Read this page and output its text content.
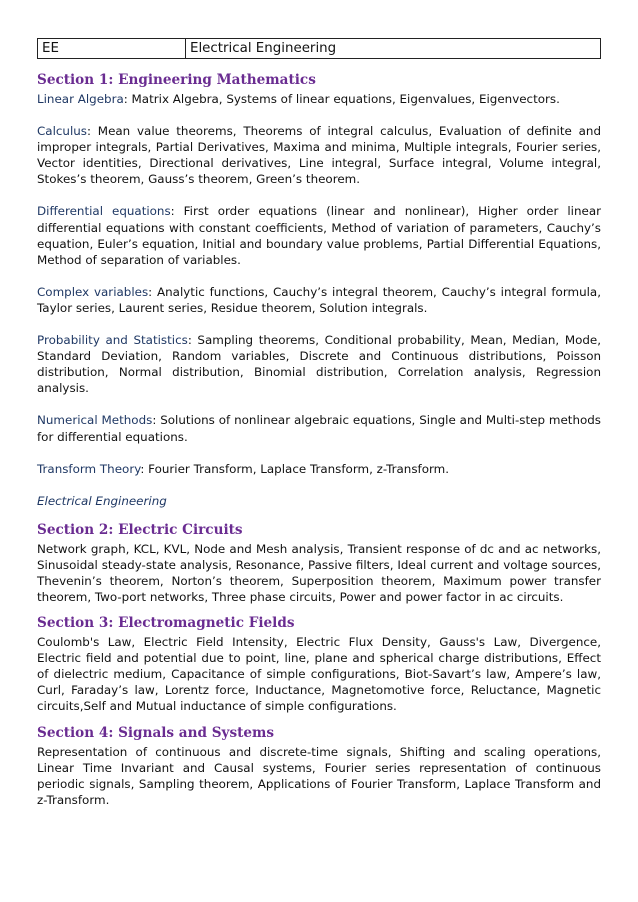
EE	Electrical Engineering
Section 1: Engineering Mathematics

Linear Algebra: Matrix Algebra, Systems of linear equations, Eigenvalues, Eigenvectors.

Calculus: Mean value theorems, Theorems of integral calculus, Evaluation of definite and improper integrals, Partial Derivatives, Maxima and minima, Multiple integrals, Fourier series, Vector identities, Directional derivatives, Line integral, Surface integral, Volume integral, Stokes’s theorem, Gauss’s theorem, Green’s theorem.

Differential equations: First order equations (linear and nonlinear), Higher order linear differential equations with constant coefficients, Method of variation of parameters, Cauchy’s equation, Euler’s equation, Initial and boundary value problems, Partial Differential Equations, Method of separation of variables.

Complex variables: Analytic functions, Cauchy’s integral theorem, Cauchy’s integral formula, Taylor series, Laurent series, Residue theorem, Solution integrals.

Probability and Statistics: Sampling theorems, Conditional probability, Mean, Median, Mode, Standard Deviation, Random variables, Discrete and Continuous distributions, Poisson distribution, Normal distribution, Binomial distribution, Correlation analysis, Regression analysis.

Numerical Methods: Solutions of nonlinear algebraic equations, Single and Multi-step methods for differential equations.

Transform Theory: Fourier Transform, Laplace Transform, z-Transform.

Electrical Engineering
Section 2: Electric Circuits

Network graph, KCL, KVL, Node and Mesh analysis, Transient response of dc and ac networks, Sinusoidal steady-state analysis, Resonance, Passive filters, Ideal current and voltage sources, Thevenin’s theorem, Norton’s theorem, Superposition theorem, Maximum power transfer theorem, Two-port networks, Three phase circuits, Power and power factor in ac circuits.

Section 3: Electromagnetic Fields

Coulomb's Law, Electric Field Intensity, Electric Flux Density, Gauss's Law, Divergence, Electric field and potential due to point, line, plane and spherical charge distributions, Effect of dielectric medium, Capacitance of simple configurations, Biot-Savart’s law, Ampere’s law, Curl, Faraday’s law, Lorentz force, Inductance, Magnetomotive force, Reluctance, Magnetic circuits,Self and Mutual inductance of simple configurations.

Section 4: Signals and Systems

Representation of continuous and discrete-time signals, Shifting and scaling operations, Linear Time Invariant and Causal systems, Fourier series representation of continuous periodic signals, Sampling theorem, Applications of Fourier Transform, Laplace Transform and z-Transform.
